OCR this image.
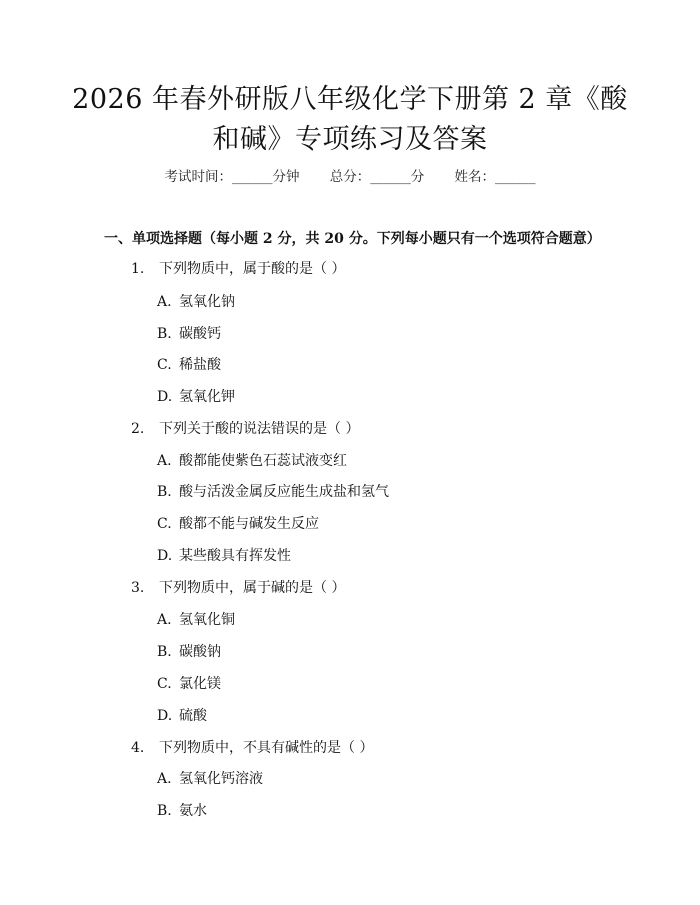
2026 年春外研版八年级化学下册第 2 章《酸
和碱》专项练习及答案
考试时间：______分钟 总分：______分 姓名：______
一、单项选择题（每小题 2 分，共 20 分。下列每小题只有一个选项符合题意）
1. 下列物质中，属于酸的是（ ）
A. 氢氧化钠
B. 碳酸钙
C. 稀盐酸
D. 氢氧化钾
2. 下列关于酸的说法错误的是（ ）
A. 酸都能使紫色石蕊试液变红
B. 酸与活泼金属反应能生成盐和氢气
C. 酸都不能与碱发生反应
D. 某些酸具有挥发性
3. 下列物质中，属于碱的是（ ）
A. 氢氧化铜
B. 碳酸钠
C. 氯化镁
D. 硫酸
4. 下列物质中，不具有碱性的是（ ）
A. 氢氧化钙溶液
B. 氨水
